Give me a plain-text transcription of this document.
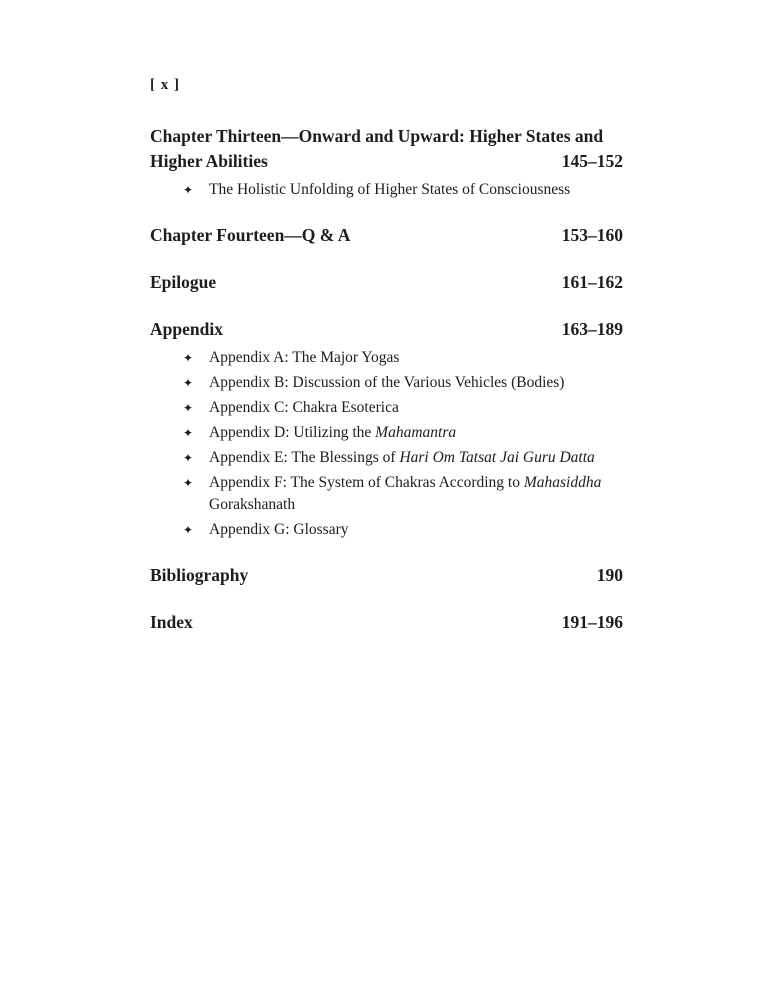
[ x ]
Chapter Thirteen—Onward and Upward: Higher States and Higher Abilities	145–152
✦	The Holistic Unfolding of Higher States of Consciousness
Chapter Fourteen—Q & A	153–160
Epilogue	161–162
Appendix	163–189
✦	Appendix A: The Major Yogas
✦	Appendix B: Discussion of the Various Vehicles (Bodies)
✦	Appendix C: Chakra Esoterica
✦	Appendix D: Utilizing the Mahamantra
✦	Appendix E: The Blessings of Hari Om Tatsat Jai Guru Datta
✦	Appendix F: The System of Chakras According to Mahasiddha Gorakshanath
✦	Appendix G: Glossary
Bibliography	190
Index	191–196
